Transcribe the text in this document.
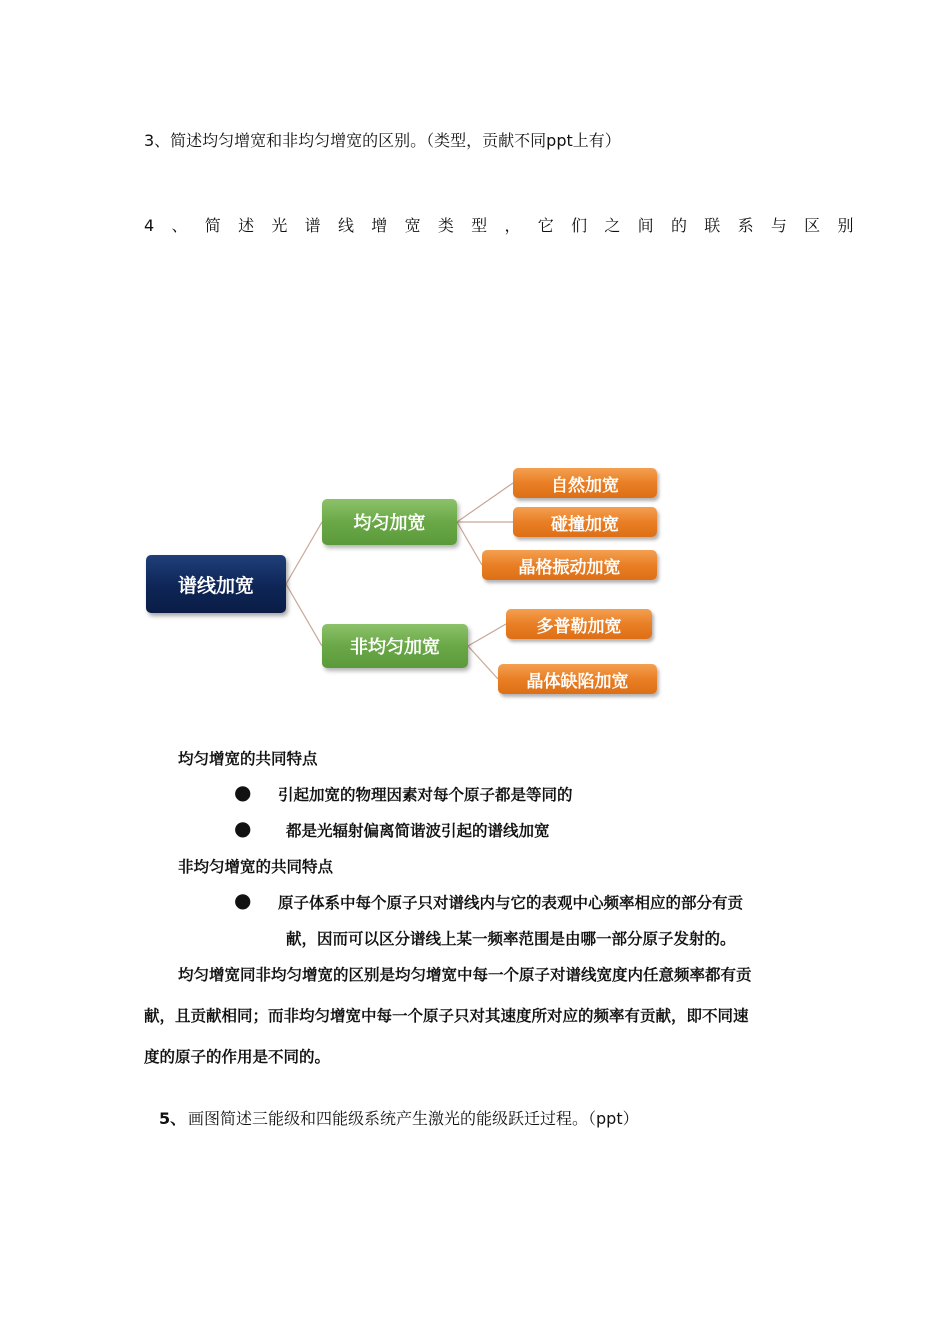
3、简述均匀增宽和非均匀增宽的区别。（类型，贡献不同ppt上有）
4、简述光谱线增宽类型，它们之间的联系与区别
谱线加宽
均匀加宽
非均匀加宽
自然加宽
碰撞加宽
晶格振动加宽
多普勒加宽
晶体缺陷加宽
均匀增宽的共同特点
● 引起加宽的物理因素对每个原子都是等同的
● 都是光辐射偏离简谐波引起的谱线加宽
非均匀增宽的共同特点
● 原子体系中每个原子只对谱线内与它的表观中心频率相应的部分有贡
献，因而可以区分谱线上某一频率范围是由哪一部分原子发射的。
均匀增宽同非均匀增宽的区别是均匀增宽中每一个原子对谱线宽度内任意频率都有贡
献，且贡献相同；而非均匀增宽中每一个原子只对其速度所对应的频率有贡献，即不同速
度的原子的作用是不同的。
5、 画图简述三能级和四能级系统产生激光的能级跃迁过程。（ppt）
